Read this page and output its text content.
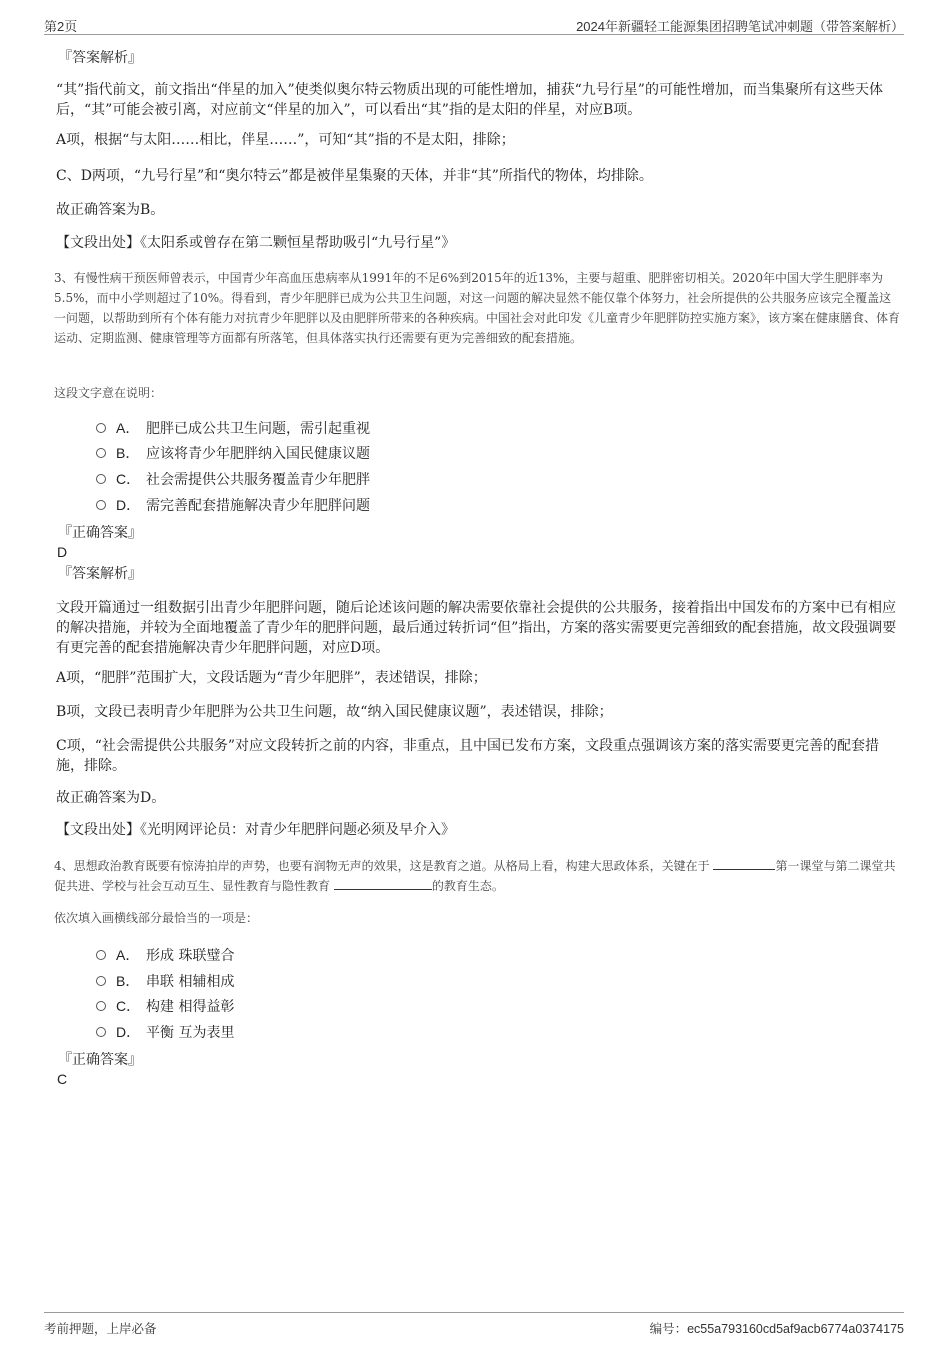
第2页	2024年新疆轻工能源集团招聘笔试冲刺题（带答案解析）
『答案解析』

“其”指代前文，前文指出“伴星的加入”使类似奥尔特云物质出现的可能性增加，捕获“九号行星”的可能性增加，而当集聚所有这些天体后，“其”可能会被引离，对应前文“伴星的加入”，可以看出“其”指的是太阳的伴星，对应B项。

A项，根据“与太阳……相比，伴星……”，可知“其”指的不是太阳，排除；

C、D两项，“九号行星”和“奥尔特云”都是被伴星集聚的天体，并非“其”所指代的物体，均排除。

故正确答案为B。

【文段出处】《太阳系或曾存在第二颗恒星帮助吸引“九号行星”》

3、有慢性病干预医师曾表示，中国青少年高血压患病率从1991年的不足6%到2015年的近13%，主要与超重、肥胖密切相关。2020年中国大学生肥胖率为5.5%，而中小学则超过了10%。得看到，青少年肥胖已成为公共卫生问题，对这一问题的解决显然不能仅靠个体努力，社会所提供的公共服务应该完全覆盖这一问题，以帮助到所有个体有能力对抗青少年肥胖以及由肥胖所带来的各种疾病。中国社会对此印发《儿童青少年肥胖防控实施方案》，该方案在健康膳食、体育运动、定期监测、健康管理等方面都有所落笔，但具体落实执行还需要有更为完善细致的配套措施。

这段文字意在说明：

A． 肥胖已成公共卫生问题，需引起重视
B． 应该将青少年肥胖纳入国民健康议题
C． 社会需提供公共服务覆盖青少年肥胖
D． 需完善配套措施解决青少年肥胖问题
『正确答案』
D
『答案解析』

文段开篇通过一组数据引出青少年肥胖问题，随后论述该问题的解决需要依靠社会提供的公共服务，接着指出中国发布的方案中已有相应的解决措施，并较为全面地覆盖了青少年的肥胖问题，最后通过转折词“但”指出，方案的落实需要更完善细致的配套措施，故文段强调要有更完善的配套措施解决青少年肥胖问题，对应D项。

A项，“肥胖”范围扩大，文段话题为“青少年肥胖”，表述错误，排除；

B项，文段已表明青少年肥胖为公共卫生问题，故“纳入国民健康议题”，表述错误，排除；

C项，“社会需提供公共服务”对应文段转折之前的内容，非重点，且中国已发布方案，文段重点强调该方案的落实需要更完善的配套措施，排除。

故正确答案为D。

【文段出处】《光明网评论员：对青少年肥胖问题必须及早介入》

4、思想政治教育既要有惊涛拍岸的声势，也要有润物无声的效果，这是教育之道。从格局上看，构建大思政体系，关键在于	第一课堂与第二课堂共促共进、学校与社会互动互生、显性教育与隐性教育	的教育生态。

依次填入画横线部分最恰当的一项是：

A． 形成 珠联璧合
B． 串联 相辅相成
C． 构建 相得益彰
D． 平衡 互为表里
『正确答案』
C
考前押题，上岸必备	编号：ec55a793160cd5af9acb6774a0374175
